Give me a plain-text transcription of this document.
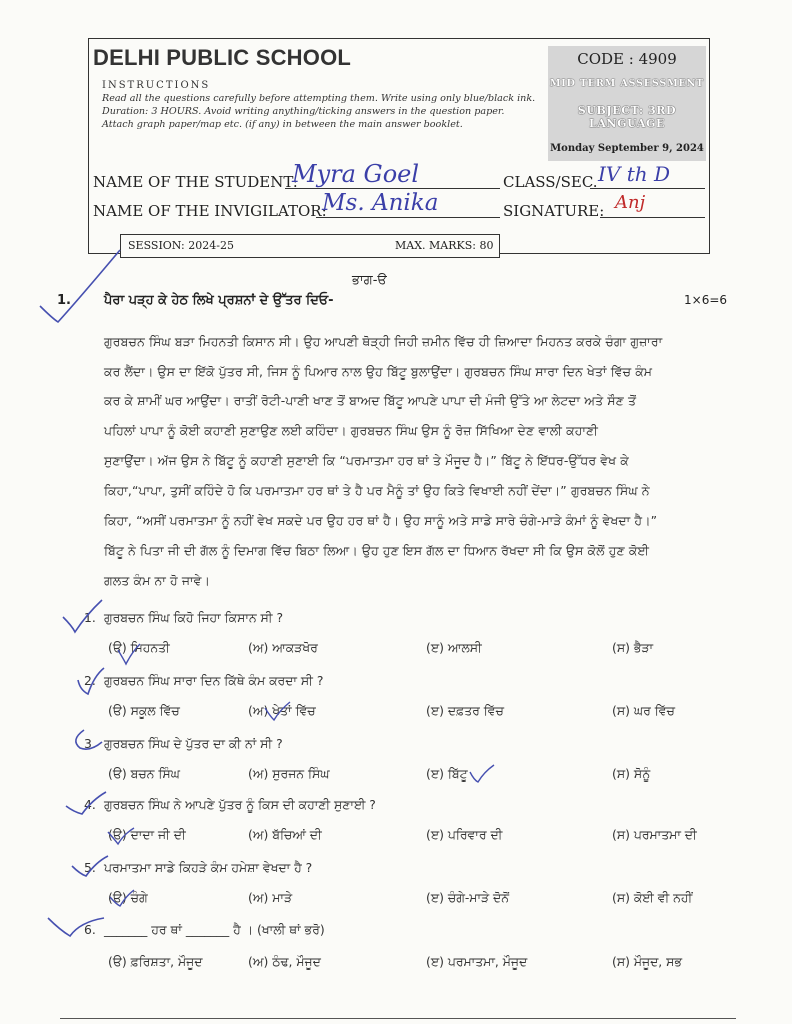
DELHI PUBLIC SCHOOL
INSTRUCTIONS
Read all the questions carefully before attempting them. Write using only blue/black ink.
Duration: 3 HOURS. Avoid writing anything/ticking answers in the question paper.
Attach graph paper/map etc. (if any) in between the main answer booklet.
CODE : 4909
MID TERM ASSESSMENT
SUBJECT: 3RD LANGUAGE
Monday September 9, 2024
NAME OF THE STUDENT:
Myra Goel	CLASS/SEC. IV th D
NAME OF THE INVIGILATOR:
Ms. Anika	SIGNATURE: Anj
SESSION: 2024-25	MAX. MARKS: 80
ਭਾਗ-ੳ
1.	ਪੈਰਾ ਪੜ੍ਹ ਕੇ ਹੇਠ ਲਿਖੇ ਪ੍ਰਸ਼ਨਾਂ ਦੇ ਉੱਤਰ ਦਿਓ-	1×6=6
ਗੁਰਬਚਨ ਸਿੰਘ ਬੜਾ ਮਿਹਨਤੀ ਕਿਸਾਨ ਸੀ। ਉਹ ਆਪਣੀ ਥੋੜ੍ਹੀ ਜਿਹੀ ਜ਼ਮੀਨ ਵਿੱਚ ਹੀ ਜ਼ਿਆਦਾ ਮਿਹਨਤ ਕਰਕੇ ਚੰਗਾ ਗੁਜ਼ਾਰਾ
ਕਰ ਲੈਂਦਾ। ਉਸ ਦਾ ਇੱਕੋ ਪੁੱਤਰ ਸੀ, ਜਿਸ ਨੂੰ ਪਿਆਰ ਨਾਲ ਉਹ ਬਿੱਟੂ ਬੁਲਾਉਂਦਾ। ਗੁਰਬਚਨ ਸਿੰਘ ਸਾਰਾ ਦਿਨ ਖੇਤਾਂ ਵਿੱਚ ਕੰਮ
ਕਰ ਕੇ ਸ਼ਾਮੀਂ ਘਰ ਆਉਂਦਾ। ਰਾਤੀਂ ਰੋਟੀ-ਪਾਣੀ ਖਾਣ ਤੋਂ ਬਾਅਦ ਬਿੱਟੂ ਆਪਣੇ ਪਾਪਾ ਦੀ ਮੰਜੀ ਉੱਤੇ ਆ ਲੇਟਦਾ ਅਤੇ ਸੌਣ ਤੋਂ
ਪਹਿਲਾਂ ਪਾਪਾ ਨੂੰ ਕੋਈ ਕਹਾਣੀ ਸੁਣਾਉਣ ਲਈ ਕਹਿੰਦਾ। ਗੁਰਬਚਨ ਸਿੰਘ ਉਸ ਨੂੰ ਰੋਜ਼ ਸਿੱਖਿਆ ਦੇਣ ਵਾਲੀ ਕਹਾਣੀ
ਸੁਣਾਉਂਦਾ। ਅੱਜ ਉਸ ਨੇ ਬਿੱਟੂ ਨੂੰ ਕਹਾਣੀ ਸੁਣਾਈ ਕਿ “ਪਰਮਾਤਮਾ ਹਰ ਥਾਂ ਤੇ ਮੌਜੂਦ ਹੈ।” ਬਿੱਟੂ ਨੇ ਇੱਧਰ-ਉੱਧਰ ਵੇਖ ਕੇ
ਕਿਹਾ,“ਪਾਪਾ, ਤੁਸੀਂ ਕਹਿੰਦੇ ਹੋ ਕਿ ਪਰਮਾਤਮਾ ਹਰ ਥਾਂ ਤੇ ਹੈ ਪਰ ਮੈਨੂੰ ਤਾਂ ਉਹ ਕਿਤੇ ਵਿਖਾਈ ਨਹੀਂ ਦੇਂਦਾ।” ਗੁਰਬਚਨ ਸਿੰਘ ਨੇ
ਕਿਹਾ, “ਅਸੀਂ ਪਰਮਾਤਮਾ ਨੂੰ ਨਹੀਂ ਵੇਖ ਸਕਦੇ ਪਰ ਉਹ ਹਰ ਥਾਂ ਹੈ। ਉਹ ਸਾਨੂੰ ਅਤੇ ਸਾਡੇ ਸਾਰੇ ਚੰਗੇ-ਮਾੜੇ ਕੰਮਾਂ ਨੂੰ ਵੇਖਦਾ ਹੈ।”
ਬਿੱਟੂ ਨੇ ਪਿਤਾ ਜੀ ਦੀ ਗੱਲ ਨੂੰ ਦਿਮਾਗ ਵਿੱਚ ਬਿਠਾ ਲਿਆ। ਉਹ ਹੁਣ ਇਸ ਗੱਲ ਦਾ ਧਿਆਨ ਰੱਖਦਾ ਸੀ ਕਿ ਉਸ ਕੋਲੋਂ ਹੁਣ ਕੋਈ
ਗਲਤ ਕੰਮ ਨਾ ਹੋ ਜਾਵੇ।
1. ਗੁਰਬਚਨ ਸਿੰਘ ਕਿਹੋ ਜਿਹਾ ਕਿਸਾਨ ਸੀ ?
(ੳ) ਮਿਹਨਤੀ	(ਅ) ਆਕੜਖੋਰ	(ੲ) ਆਲਸੀ	(ਸ) ਭੈੜਾ
2. ਗੁਰਬਚਨ ਸਿੰਘ ਸਾਰਾ ਦਿਨ ਕਿੱਥੇ ਕੰਮ ਕਰਦਾ ਸੀ ?
(ੳ) ਸਕੂਲ ਵਿੱਚ	(ਅ) ਖੇਤਾਂ ਵਿੱਚ	(ੲ) ਦਫ਼ਤਰ ਵਿੱਚ	(ਸ) ਘਰ ਵਿੱਚ
3. ਗੁਰਬਚਨ ਸਿੰਘ ਦੇ ਪੁੱਤਰ ਦਾ ਕੀ ਨਾਂ ਸੀ ?
(ੳ) ਬਚਨ ਸਿੰਘ	(ਅ) ਸੁਰਜਨ ਸਿੰਘ	(ੲ) ਬਿੱਟੂ	(ਸ) ਸੋਨੂੰ
4. ਗੁਰਬਚਨ ਸਿੰਘ ਨੇ ਆਪਣੇ ਪੁੱਤਰ ਨੂੰ ਕਿਸ ਦੀ ਕਹਾਣੀ ਸੁਣਾਈ ?
(ੳ) ਦਾਦਾ ਜੀ ਦੀ	(ਅ) ਬੱਚਿਆਂ ਦੀ	(ੲ) ਪਰਿਵਾਰ ਦੀ	(ਸ) ਪਰਮਾਤਮਾ ਦੀ
5. ਪਰਮਾਤਮਾ ਸਾਡੇ ਕਿਹੜੇ ਕੰਮ ਹਮੇਸ਼ਾ ਵੇਖਦਾ ਹੈ ?
(ੳ) ਚੰਗੇ	(ਅ) ਮਾੜੇ	(ੲ) ਚੰਗੇ-ਮਾੜੇ ਦੋਨੋਂ	(ਸ) ਕੋਈ ਵੀ ਨਹੀਂ
6. _______ ਹਰ ਥਾਂ _______ ਹੈ । (ਖਾਲੀ ਥਾਂ ਭਰੋ)
(ੳ) ਫ਼ਰਿਸ਼ਤਾ, ਮੌਜੂਦ	(ਅ) ਠੰਢ, ਮੌਜੂਦ	(ੲ) ਪਰਮਾਤਮਾ, ਮੌਜੂਦ	(ਸ) ਮੌਜੂਦ, ਸਭ
